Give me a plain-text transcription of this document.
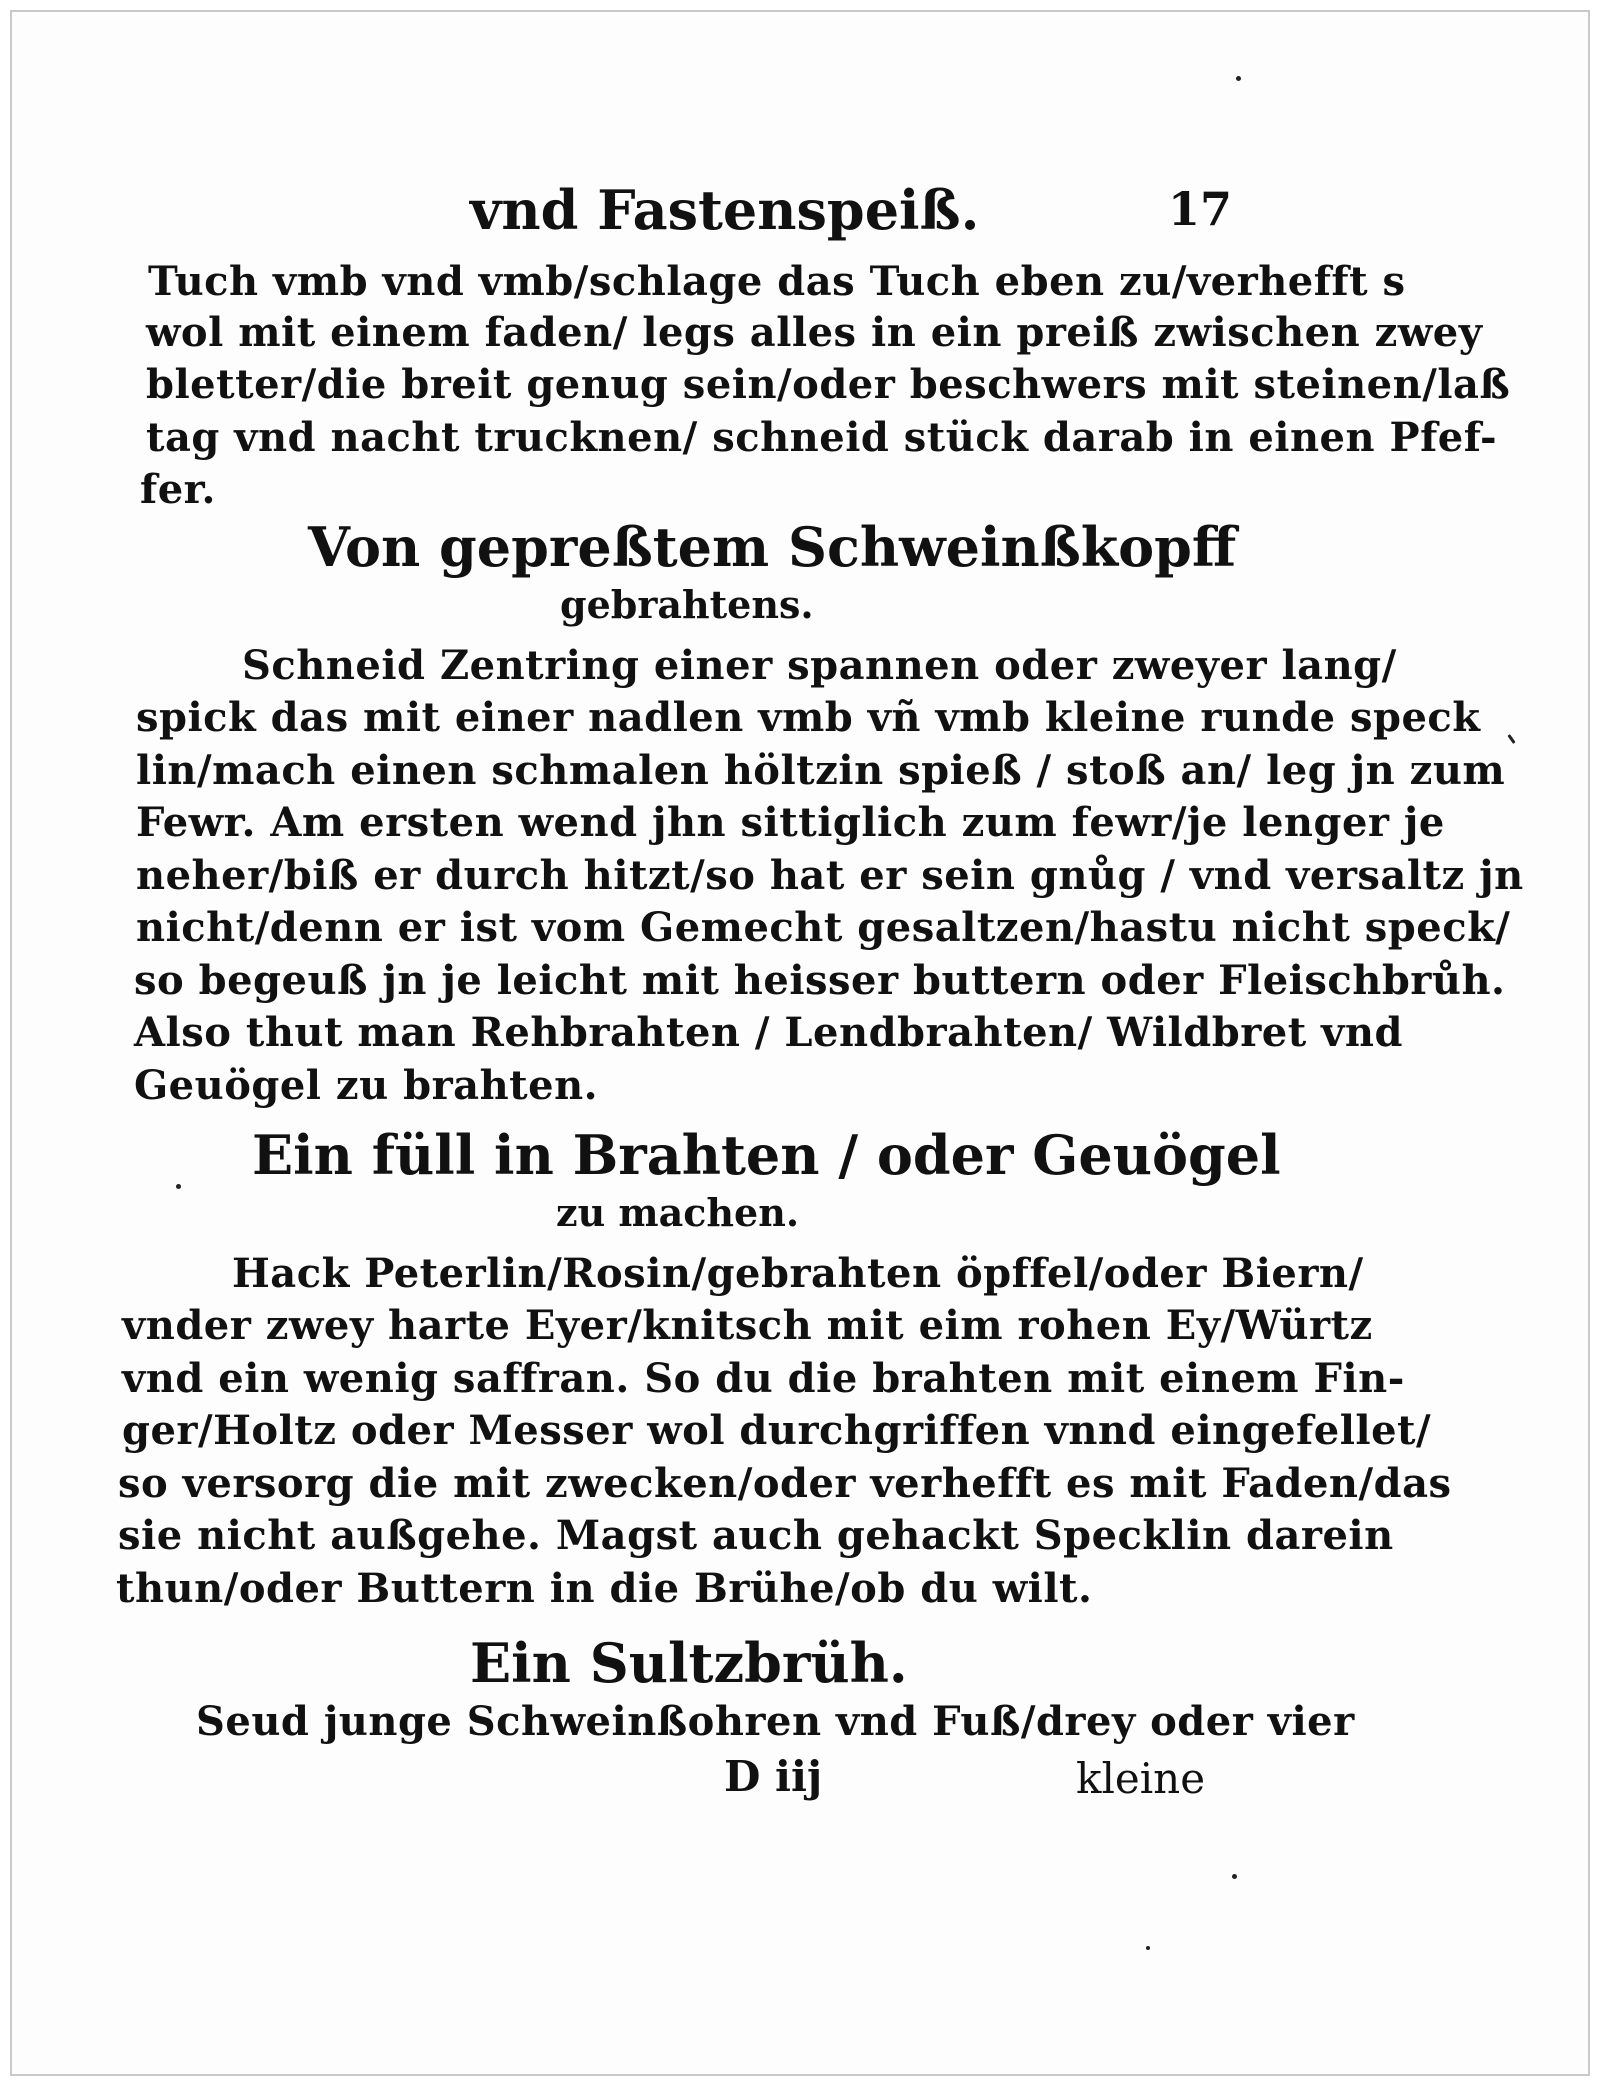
vnd Fastenspeiß.	17
Tuch vmb vnd vmb/schlage das Tuch eben zu/verhefft s
wol mit einem faden/ legs alles in ein preiß zwischen zwey
bletter/die breit genug sein/oder beschwers mit steinen/laß
tag vnd nacht trucknen/ schneid stück darab in einen Pfef-
fer.
Von gepreßtem Schweinßkopff
gebrahtens.
Schneid Zentring einer spannen oder zweyer lang/
spick das mit einer nadlen vmb vñ vmb kleine runde speck
lin/mach einen schmalen höltzin spieß / stoß an/ leg jn zum
Fewr. Am ersten wend jhn sittiglich zum fewr/je lenger je
neher/biß er durch hitzt/so hat er sein gnůg / vnd versaltz jn
nicht/denn er ist vom Gemecht gesaltzen/hastu nicht speck/
so begeuß jn je leicht mit heisser buttern oder Fleischbrůh.
Also thut man Rehbrahten / Lendbrahten/ Wildbret vnd
Geuögel zu brahten.
Ein füll in Brahten / oder Geuögel
zu machen.
Hack Peterlin/Rosin/gebrahten öpffel/oder Biern/
vnder zwey harte Eyer/knitsch mit eim rohen Ey/Würtz
vnd ein wenig saffran. So du die brahten mit einem Fin-
ger/Holtz oder Messer wol durchgriffen vnnd eingefellet/
so versorg die mit zwecken/oder verhefft es mit Faden/das
sie nicht außgehe. Magst auch gehackt Specklin darein
thun/oder Buttern in die Brühe/ob du wilt.
Ein Sultzbrüh.
Seud junge Schweinßohren vnd Fuß/drey oder vier
D iij	kleine
